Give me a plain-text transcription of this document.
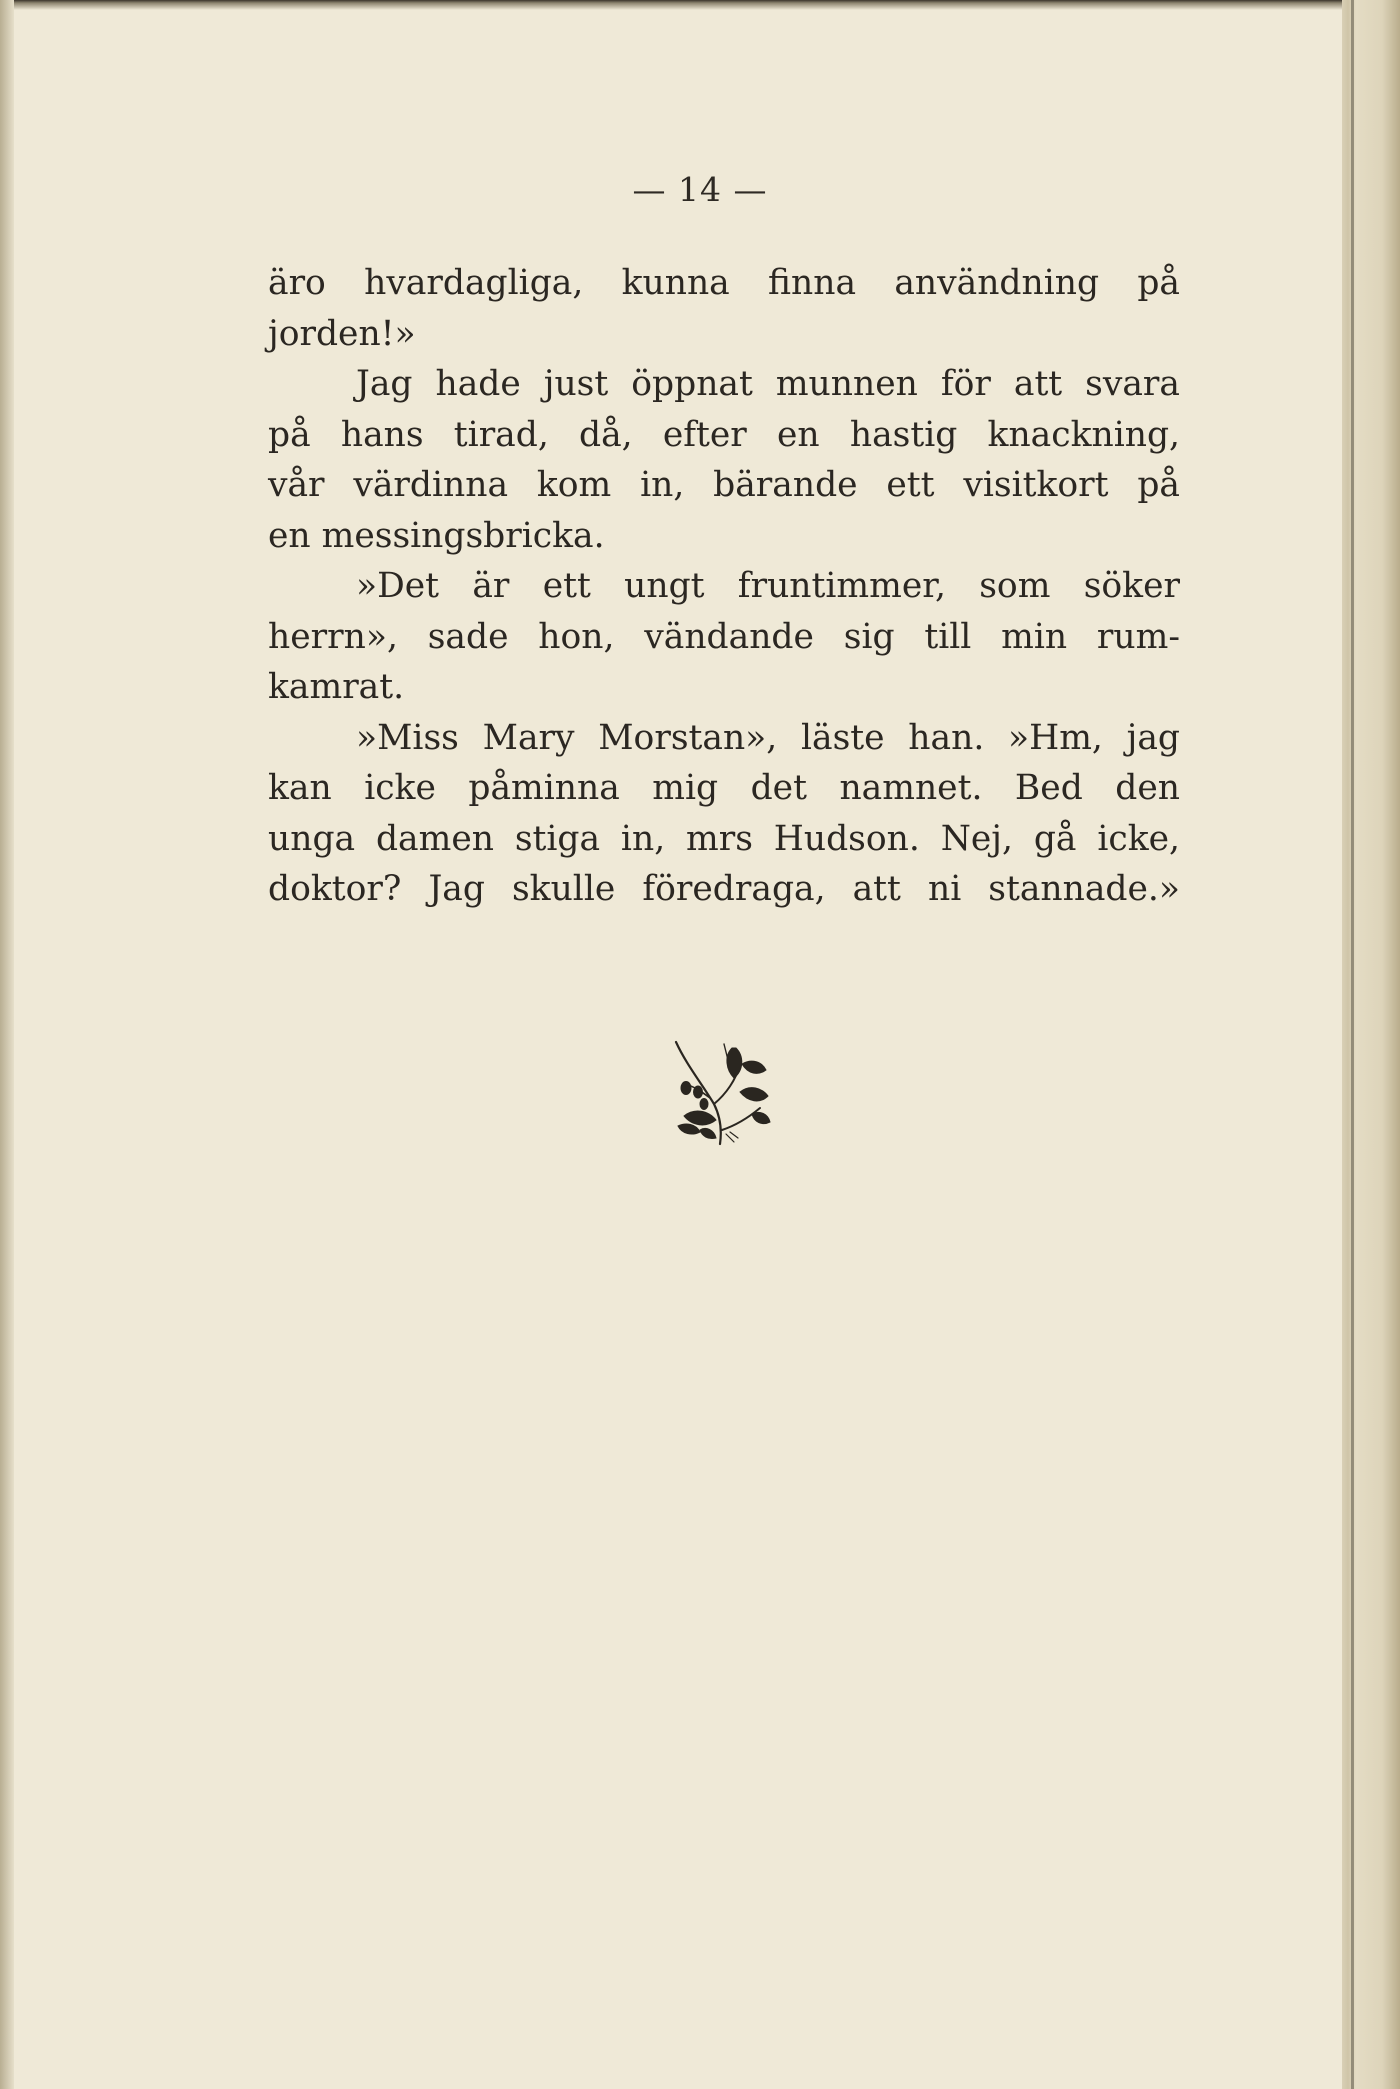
— 14 —
äro hvardagliga, kunna finna användning på
jorden!»
Jag hade just öppnat munnen för att svara
på hans tirad, då, efter en hastig knackning,
vår värdinna kom in, bärande ett visitkort på
en messingsbricka.
»Det är ett ungt fruntimmer, som söker
herrn», sade hon, vändande sig till min rum-
kamrat.
»Miss Mary Morstan», läste han. »Hm, jag
kan icke påminna mig det namnet. Bed den
unga damen stiga in, mrs Hudson. Nej, gå icke,
doktor? Jag skulle föredraga, att ni stannade.»
